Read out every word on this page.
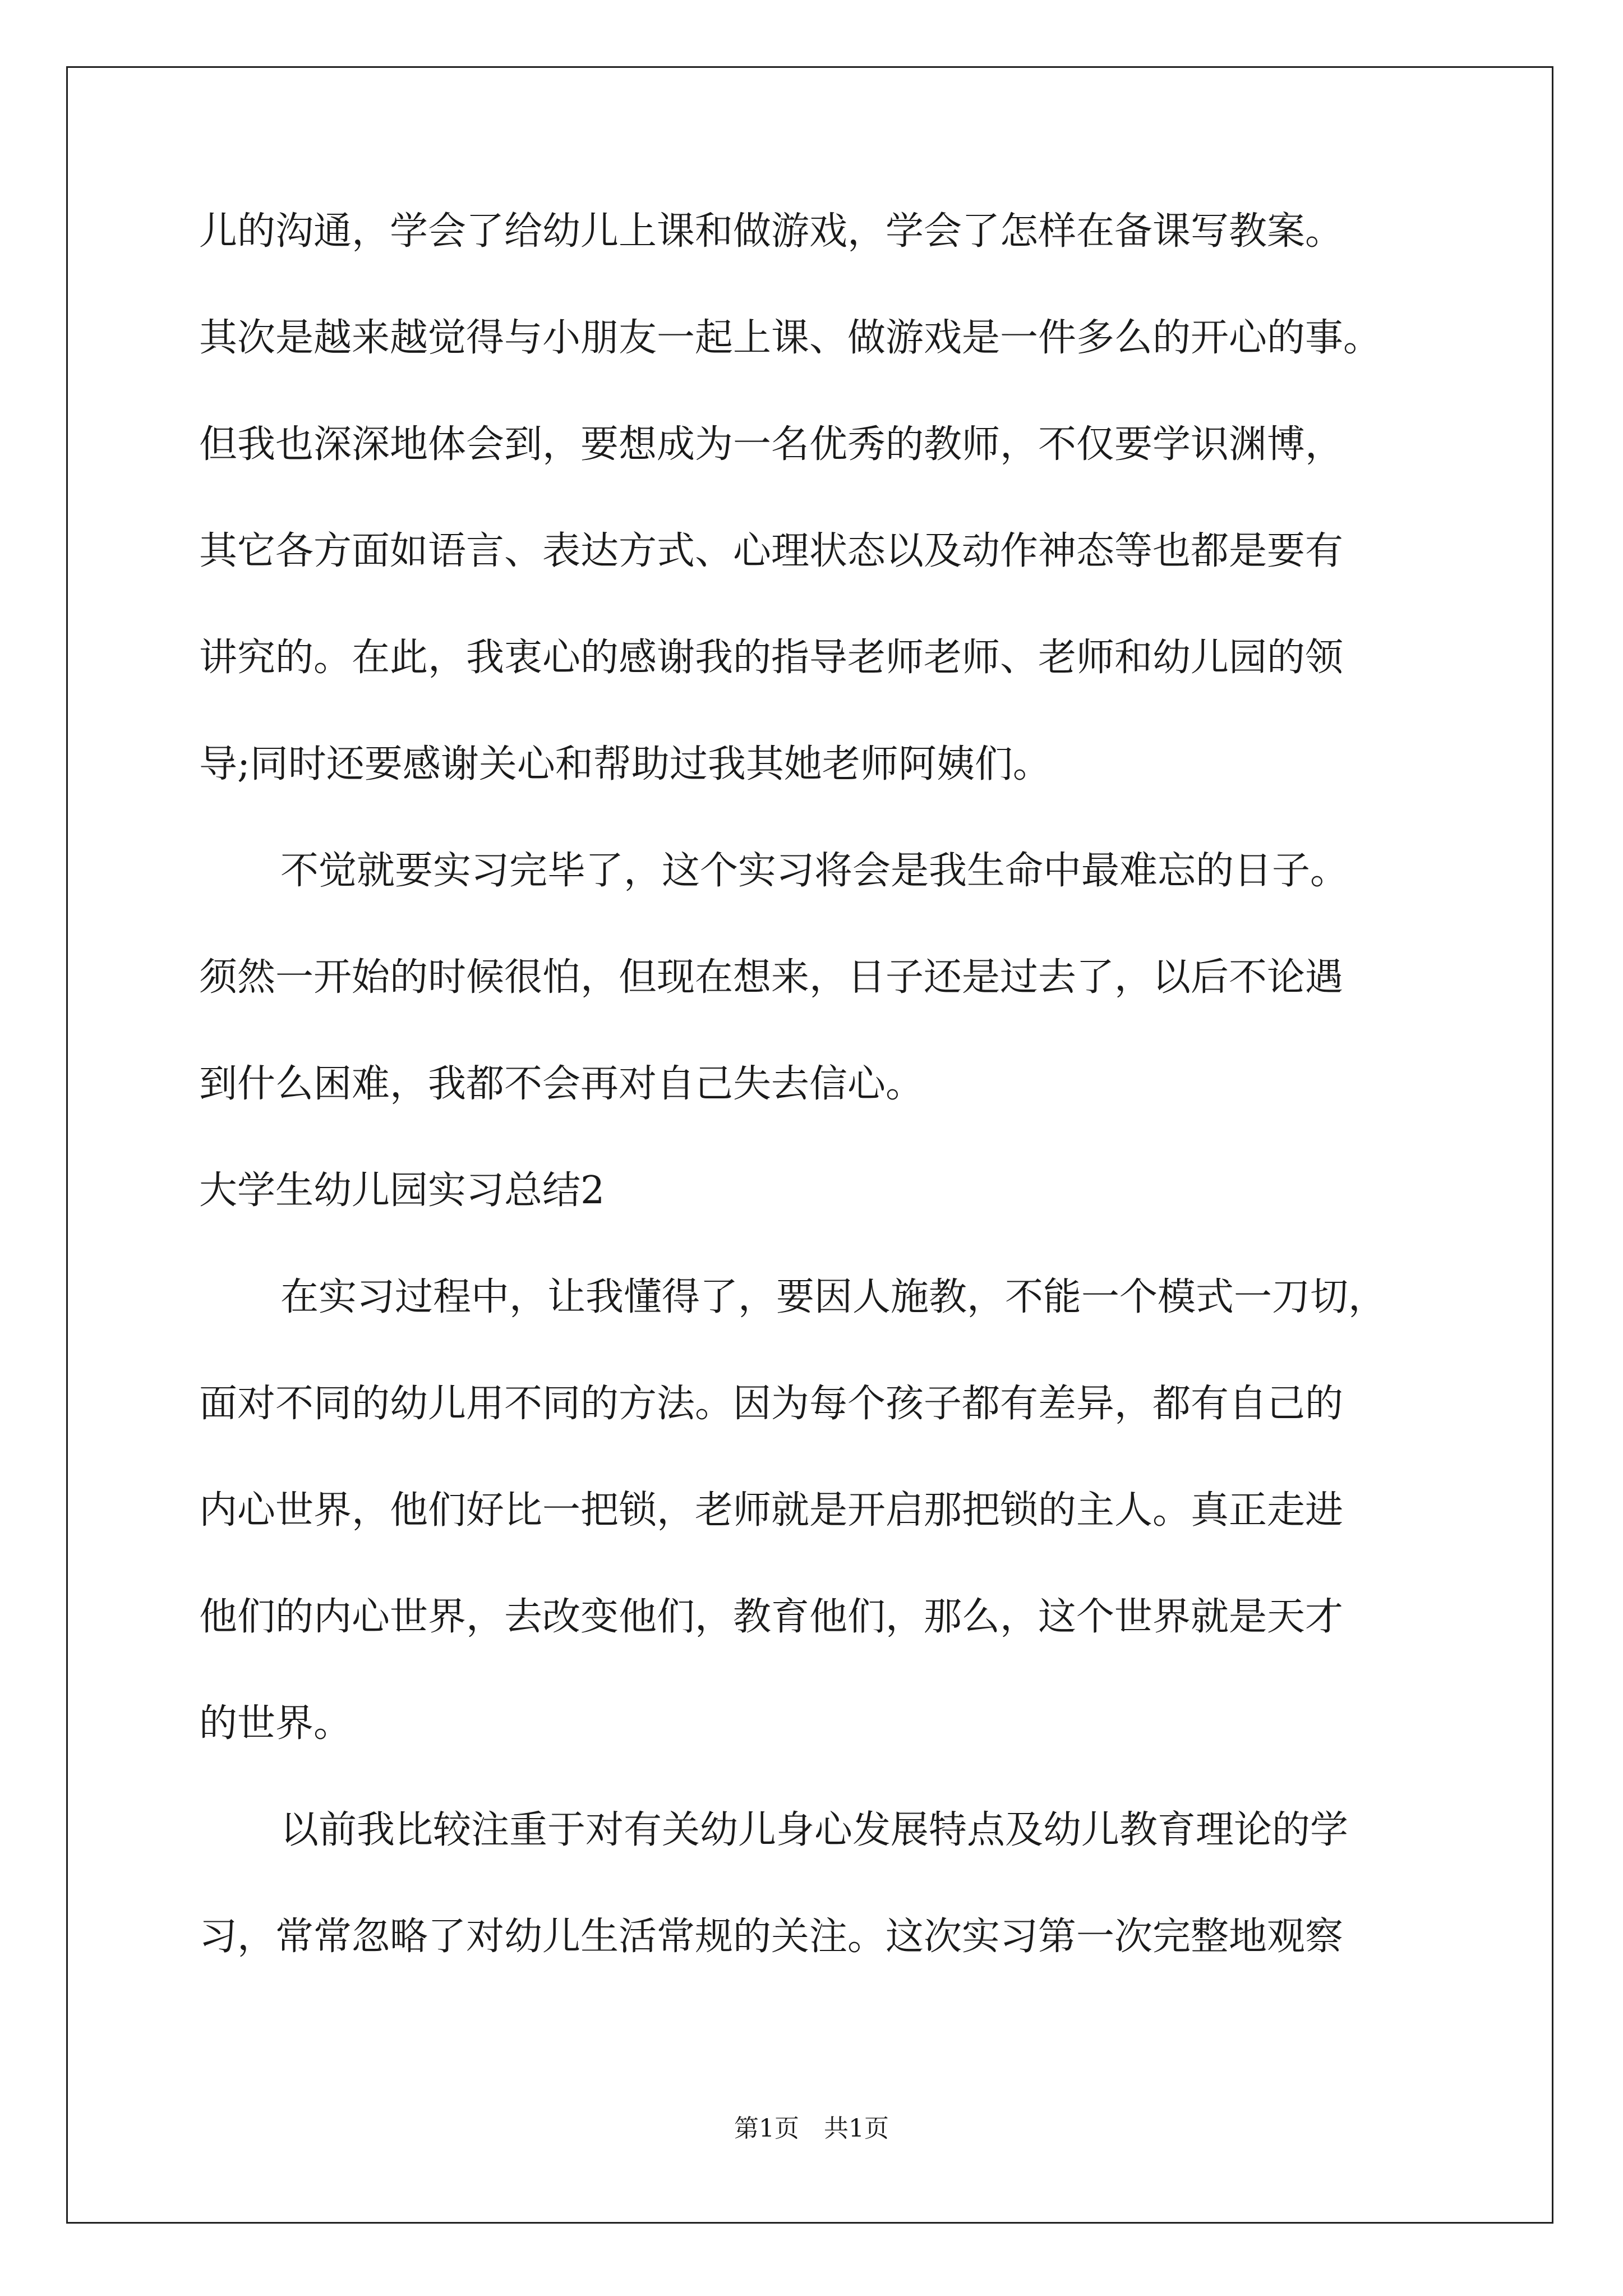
儿的沟通，学会了给幼儿上课和做游戏，学会了怎样在备课写教案。

其次是越来越觉得与小朋友一起上课、做游戏是一件多么的开心的事。

但我也深深地体会到，要想成为一名优秀的教师，不仅要学识渊博，

其它各方面如语言、表达方式、心理状态以及动作神态等也都是要有

讲究的。在此，我衷心的感谢我的指导老师老师、老师和幼儿园的领

导;同时还要感谢关心和帮助过我其她老师阿姨们。

不觉就要实习完毕了，这个实习将会是我生命中最难忘的日子。

须然一开始的时候很怕，但现在想来，日子还是过去了，以后不论遇

到什么困难，我都不会再对自己失去信心。

大学生幼儿园实习总结2

在实习过程中，让我懂得了，要因人施教，不能一个模式一刀切，

面对不同的幼儿用不同的方法。因为每个孩子都有差异，都有自己的

内心世界，他们好比一把锁，老师就是开启那把锁的主人。真正走进

他们的内心世界，去改变他们，教育他们，那么，这个世界就是天才

的世界。

以前我比较注重于对有关幼儿身心发展特点及幼儿教育理论的学

习，常常忽略了对幼儿生活常规的关注。这次实习第一次完整地观察

第1页　共1页
